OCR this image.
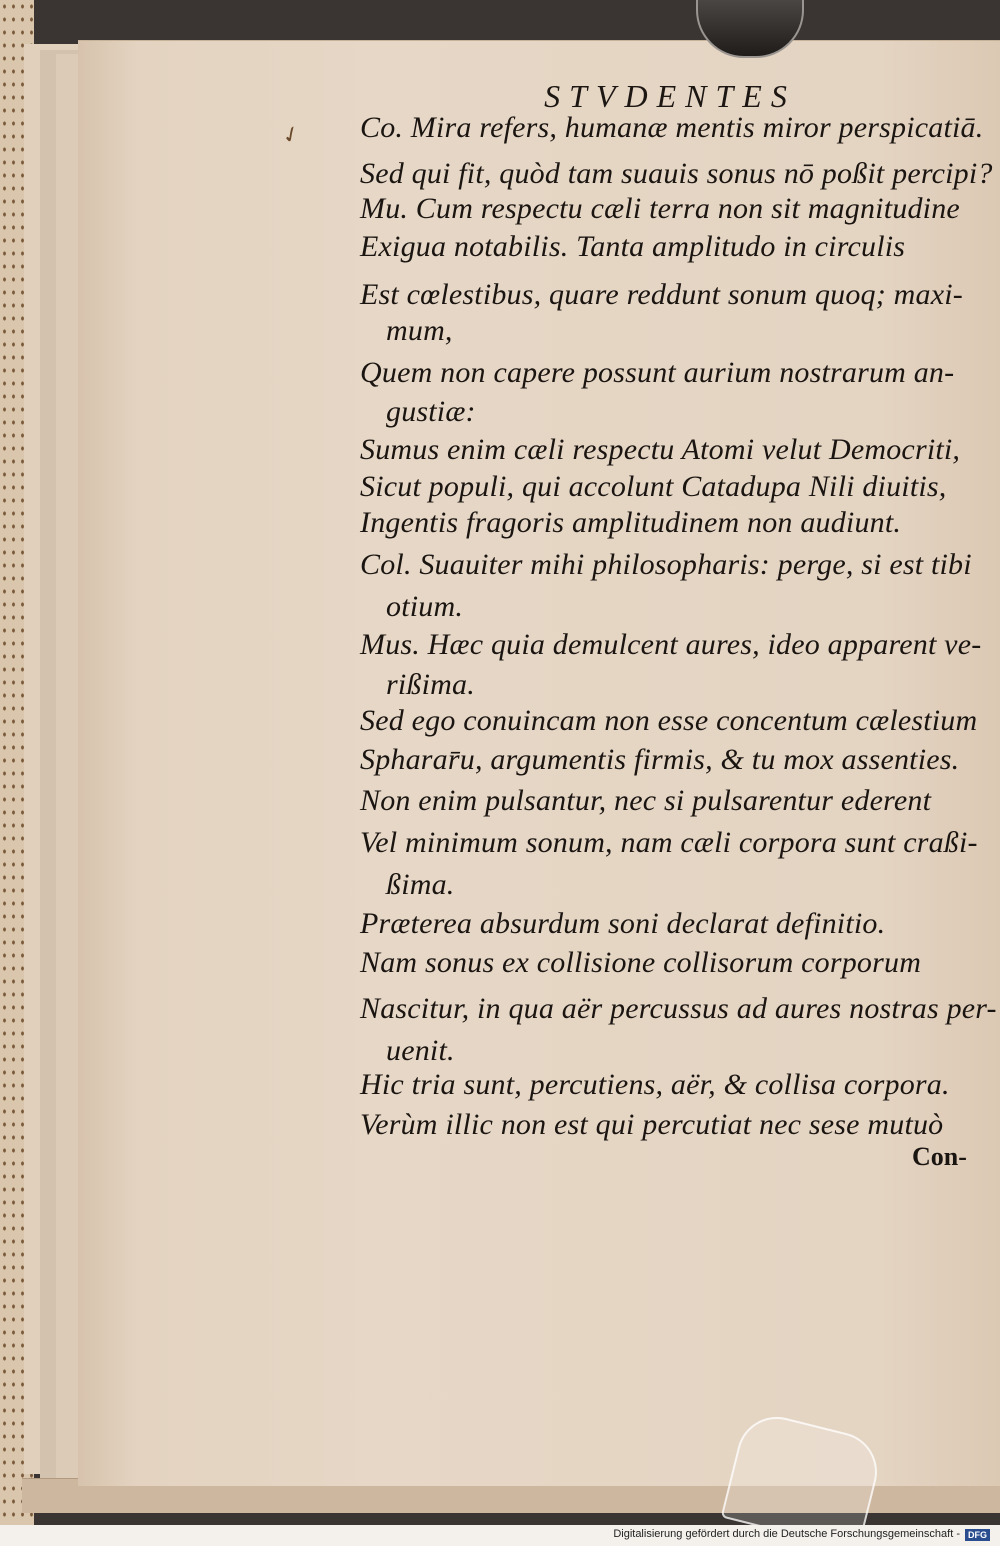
✓
STVDENTES
Co. Mira refers, humanæ mentis miror perspicatiā.
Sed qui fit, quòd tam suauis sonus nō poßit percipi?
Mu. Cum respectu cæli terra non sit magnitudine
Exigua notabilis. Tanta amplitudo in circulis
Est cœlestibus, quare reddunt sonum quoq; maxi-
mum,
Quem non capere possunt aurium nostrarum an-
gustiæ:
Sumus enim cæli respectu Atomi velut Democriti,
Sicut populi, qui accolunt Catadupa Nili diuitis,
Ingentis fragoris amplitudinem non audiunt.
Col. Suauiter mihi philosopharis: perge, si est tibi
otium.
Mus. Hæc quia demulcent aures, ideo apparent ve-
rißima.
Sed ego conuincam non esse concentum cælestium
Spharar̄u, argumentis firmis, & tu mox assenties.
Non enim pulsantur, nec si pulsarentur ederent
Vel minimum sonum, nam cæli corpora sunt craßi-
ßima.
Præterea absurdum soni declarat definitio.
Nam sonus ex collisione collisorum corporum
Nascitur, in qua aër percussus ad aures nostras per-
uenit.
Hic tria sunt, percutiens, aër, & collisa corpora.
Verùm illic non est qui percutiat nec sese mutuò
Con-
Digitalisierung gefördert durch die Deutsche Forschungsgemeinschaft - DFG
